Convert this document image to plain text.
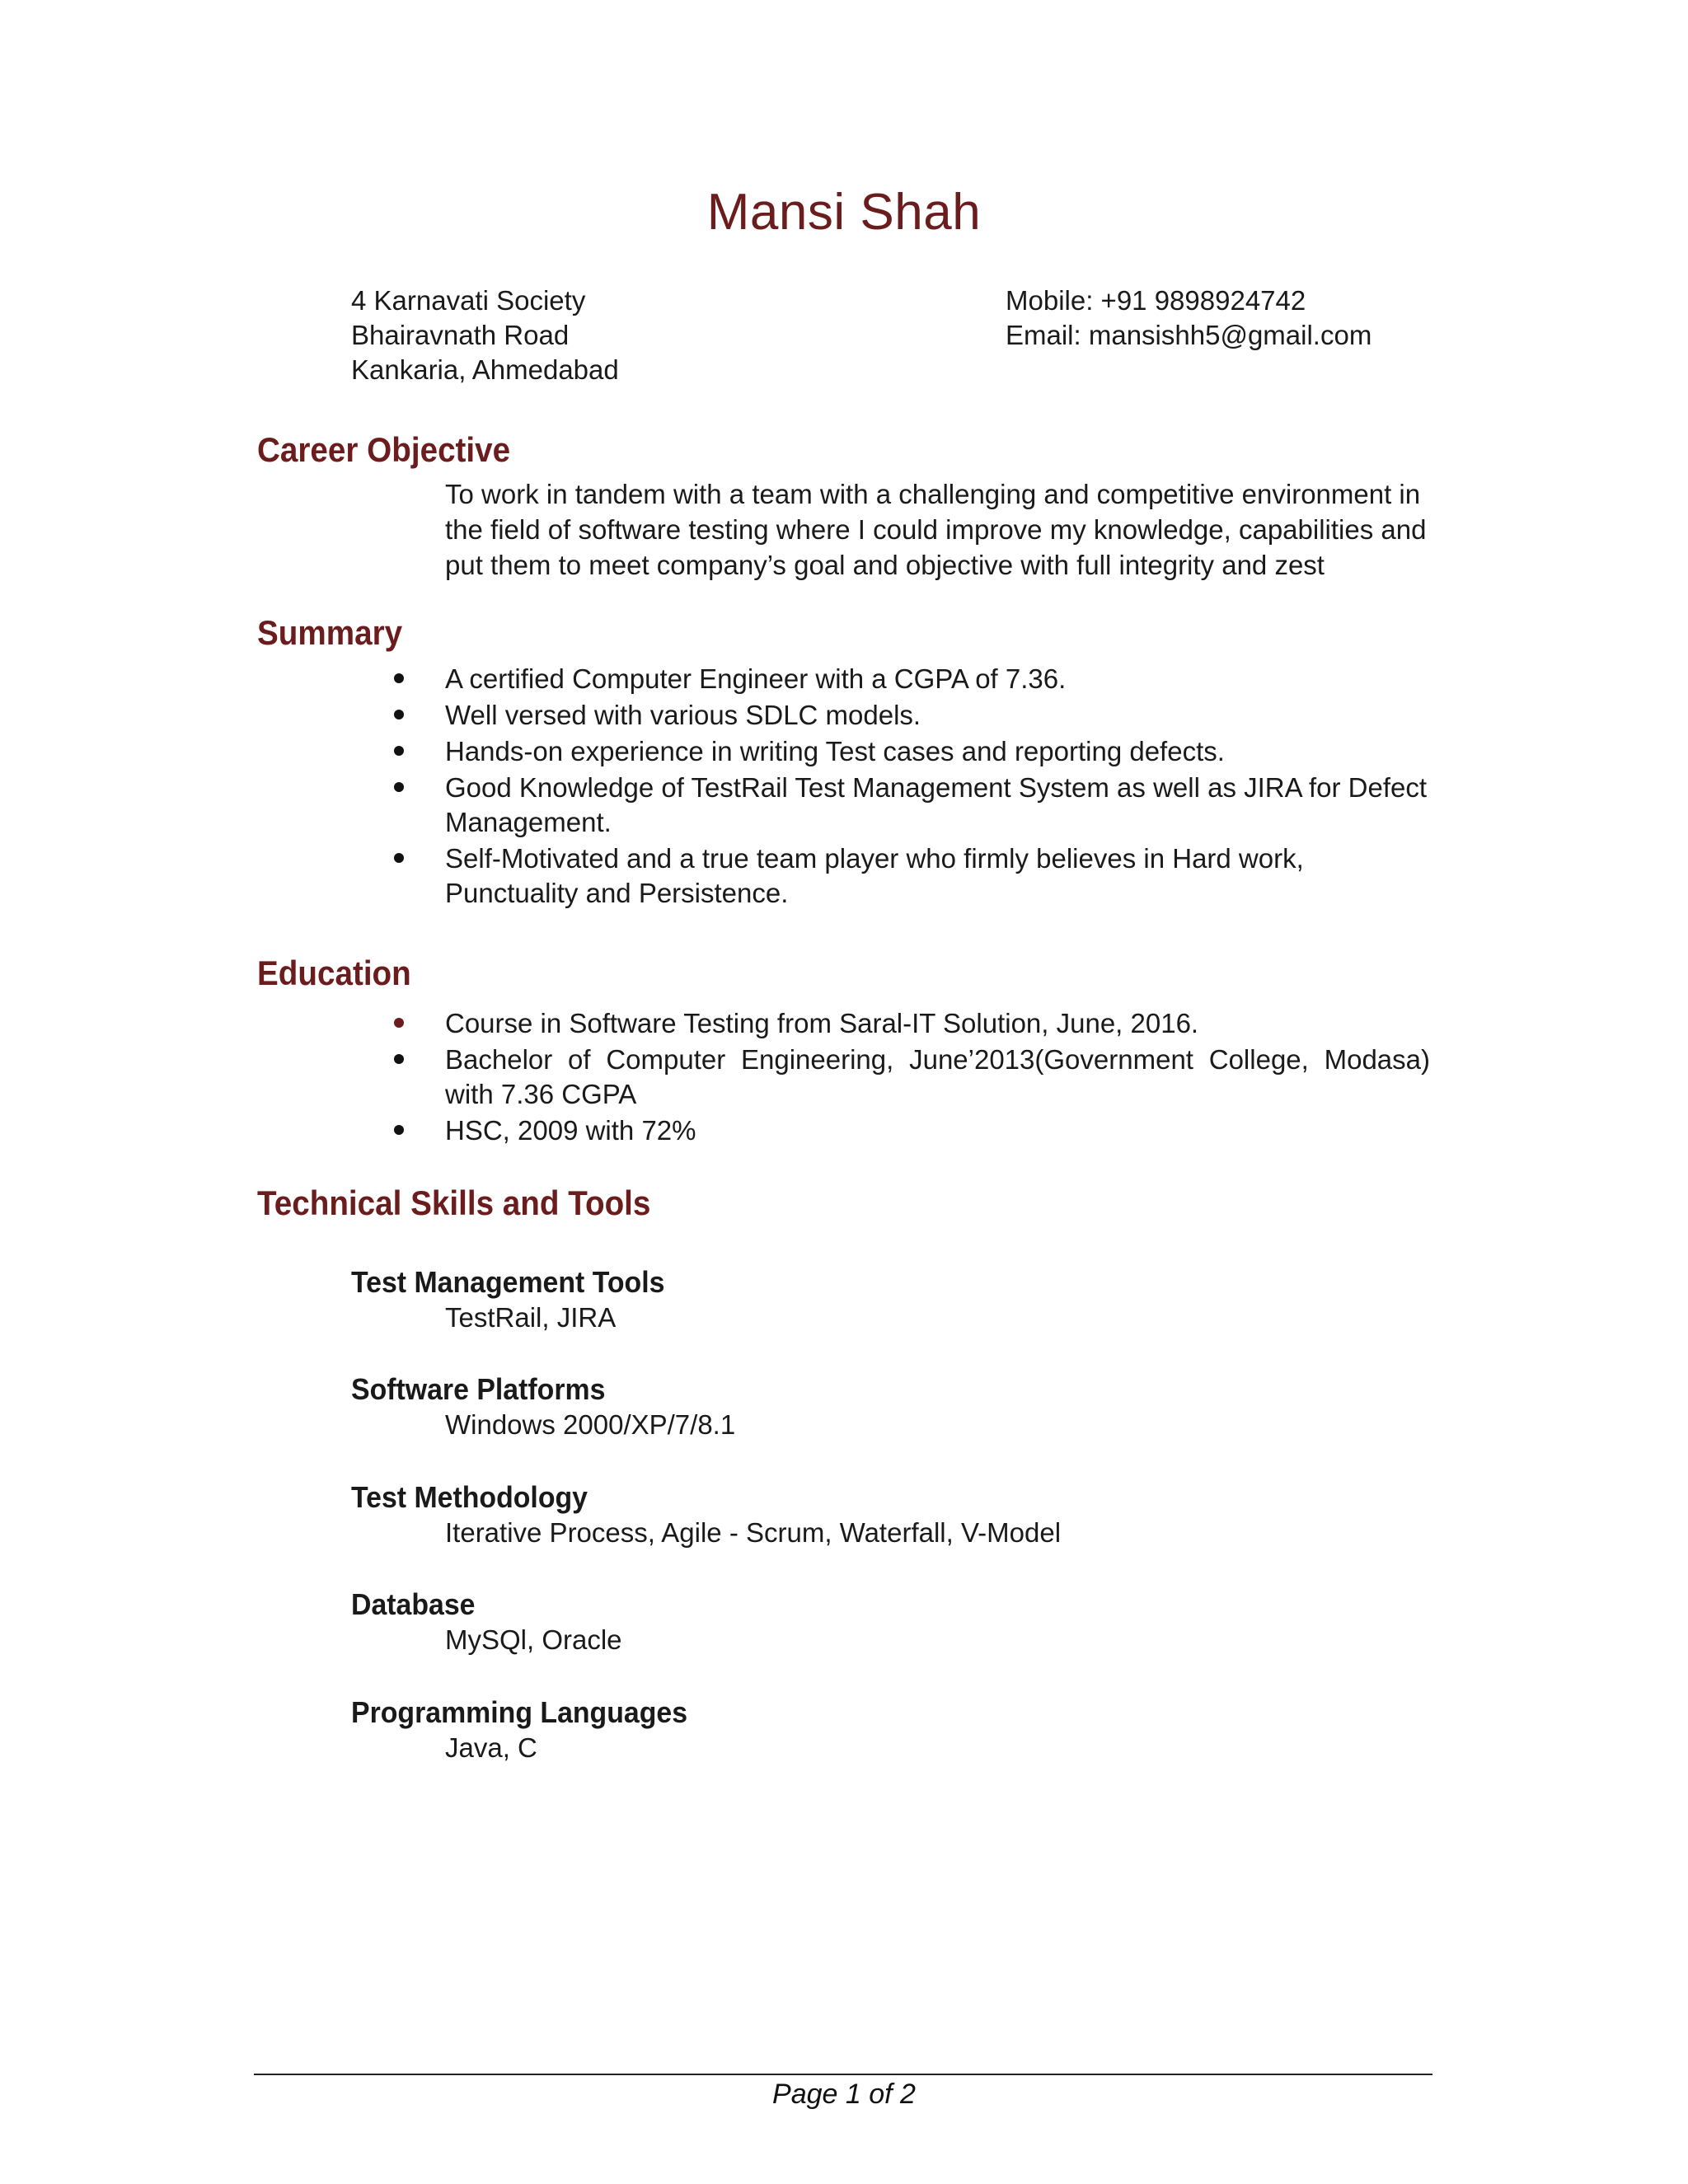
Mansi Shah
4 Karnavati Society
Bhairavnath Road
Kankaria, Ahmedabad
Mobile: +91 9898924742
Email: mansishh5@gmail.com
Career Objective
To work in tandem with a team with a challenging and competitive environment in
the field of software testing where I could improve my knowledge, capabilities and
put them to meet company’s goal and objective with full integrity and zest
Summary
A certified Computer Engineer with a CGPA of 7.36.
Well versed with various SDLC models.
Hands-on experience in writing Test cases and reporting defects.
Good Knowledge of TestRail Test Management System as well as JIRA for Defect Management.
Self-Motivated and a true team player who firmly believes in Hard work, Punctuality and Persistence.
Education
Course in Software Testing from Saral-IT Solution, June, 2016.
Bachelor of Computer Engineering, June’2013(Government College, Modasa) with 7.36 CGPA
HSC, 2009 with 72%
Technical Skills and Tools
Test Management Tools
TestRail, JIRA
Software Platforms
Windows 2000/XP/7/8.1
Test Methodology
Iterative Process, Agile - Scrum, Waterfall, V-Model
Database
MySQl, Oracle
Programming Languages
Java, C
Page 1 of 2
